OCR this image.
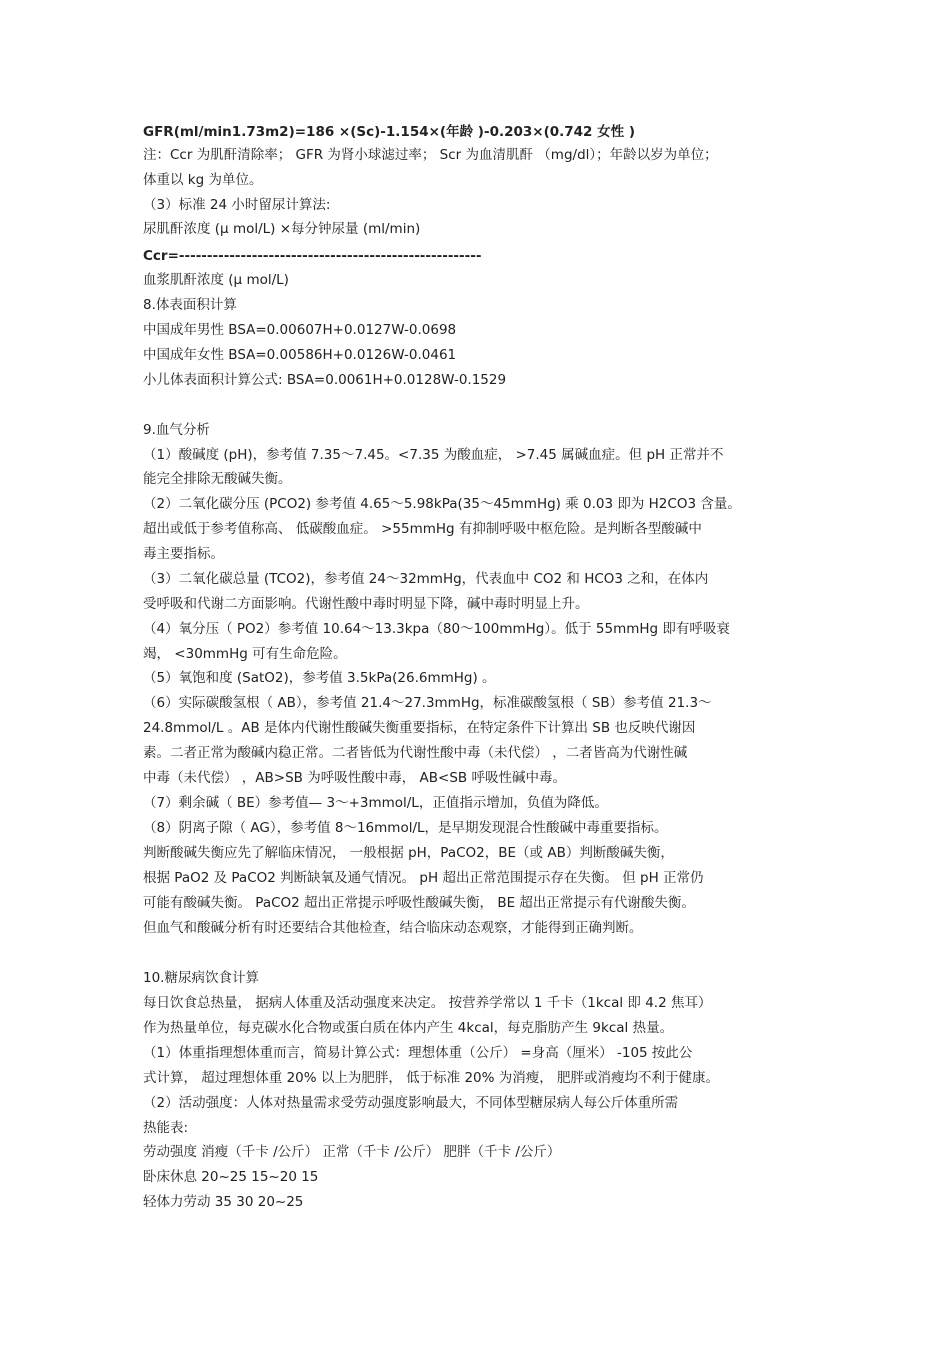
GFR(ml/min1.73m2)=186 ×(Sc)-1.154×(年龄 )-0.203×(0.742 女性 )
注：Ccr 为肌酐清除率； GFR 为肾小球滤过率； Scr 为血清肌酐 （mg/dl）；年龄以岁为单位；
体重以 kg 为单位。
（3）标准 24 小时留尿计算法:
尿肌酐浓度 (μ mol/L) ×每分钟尿量 (ml/min)
Ccr=------------------------------------------------------
血浆肌酐浓度 (μ mol/L)
8.体表面积计算
中国成年男性 BSA=0.00607H+0.0127W-0.0698
中国成年女性 BSA=0.00586H+0.0126W-0.0461
小儿体表面积计算公式: BSA=0.0061H+0.0128W-0.1529
9.血气分析
（1）酸碱度 (pH)，参考值 7.35～7.45。<7.35 为酸血症， >7.45 属碱血症。但 pH 正常并不
能完全排除无酸碱失衡。
（2）二氧化碳分压 (PCO2) 参考值 4.65～5.98kPa(35～45mmHg) 乘 0.03 即为 H2CO3 含量。
超出或低于参考值称高、 低碳酸血症。 >55mmHg 有抑制呼吸中枢危险。是判断各型酸碱中
毒主要指标。
（3）二氧化碳总量 (TCO2)，参考值 24～32mmHg，代表血中 CO2 和 HCO3 之和，在体内
受呼吸和代谢二方面影响。代谢性酸中毒时明显下降，碱中毒时明显上升。
（4）氧分压（ PO2）参考值 10.64～13.3kpa（80～100mmHg）。低于 55mmHg 即有呼吸衰
竭， <30mmHg 可有生命危险。
（5）氧饱和度 (SatO2)，参考值 3.5kPa(26.6mmHg) 。
（6）实际碳酸氢根（ AB），参考值 21.4～27.3mmHg，标准碳酸氢根（ SB）参考值 21.3～
24.8mmol/L 。AB 是体内代谢性酸碱失衡重要指标，在特定条件下计算出 SB 也反映代谢因
素。二者正常为酸碱内稳正常。二者皆低为代谢性酸中毒（未代偿） ，二者皆高为代谢性碱
中毒（未代偿） ，AB>SB 为呼吸性酸中毒， AB<SB 呼吸性碱中毒。
（7）剩余碱（ BE）参考值— 3～+3mmol/L，正值指示增加，负值为降低。
（8）阴离子隙（ AG），参考值 8～16mmol/L，是早期发现混合性酸碱中毒重要指标。
判断酸碱失衡应先了解临床情况， 一般根据 pH，PaCO2，BE（或 AB）判断酸碱失衡，
根据 PaO2 及 PaCO2 判断缺氧及通气情况。 pH 超出正常范围提示存在失衡。 但 pH 正常仍
可能有酸碱失衡。 PaCO2 超出正常提示呼吸性酸碱失衡， BE 超出正常提示有代谢酸失衡。
但血气和酸碱分析有时还要结合其他检查，结合临床动态观察，才能得到正确判断。
10.糖尿病饮食计算
每日饮食总热量， 据病人体重及活动强度来决定。 按营养学常以 1 千卡（1kcal 即 4.2 焦耳）
作为热量单位，每克碳水化合物或蛋白质在体内产生 4kcal，每克脂肪产生 9kcal 热量。
（1）体重指理想体重而言，简易计算公式：理想体重（公斤） =身高（厘米） -105 按此公
式计算， 超过理想体重 20% 以上为肥胖， 低于标准 20% 为消瘦， 肥胖或消瘦均不利于健康。
（2）活动强度：人体对热量需求受劳动强度影响最大，不同体型糖尿病人每公斤体重所需
热能表:
劳动强度 消瘦（千卡 /公斤） 正常（千卡 /公斤） 肥胖（千卡 /公斤）
卧床休息 20~25 15~20 15
轻体力劳动 35 30 20~25
